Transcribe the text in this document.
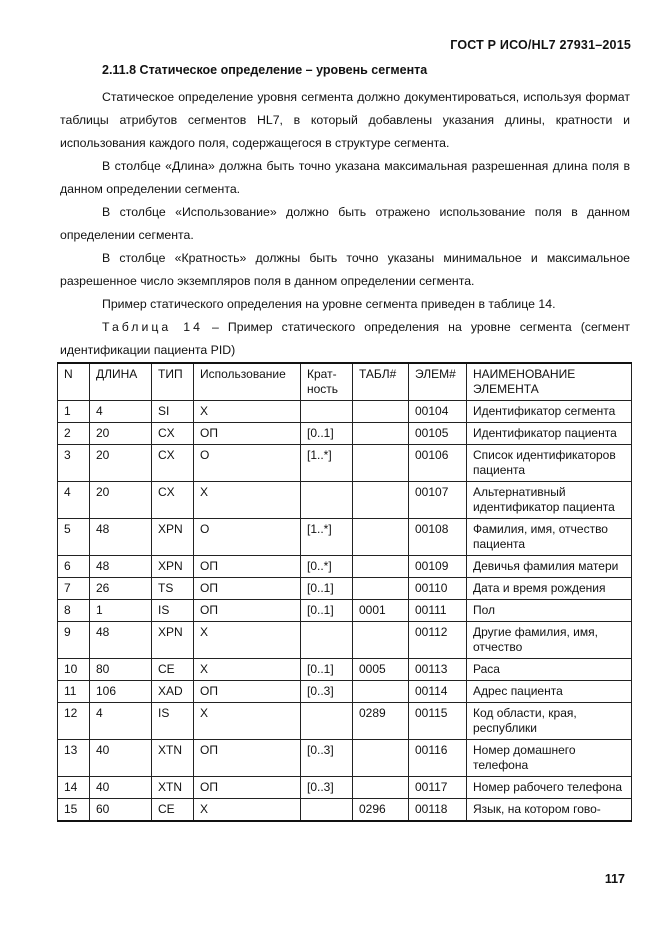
ГОСТ Р ИСО/HL7 27931–2015

2.11.8 Статическое определение – уровень сегмента

Статическое определение уровня сегмента должно документироваться, используя формат таблицы атрибутов сегментов HL7, в который добавлены указания длины, кратности и использования каждого поля, содержащегося в структуре сегмента.

В столбце «Длина» должна быть точно указана максимальная разрешенная длина поля в данном определении сегмента.

В столбце «Использование» должно быть отражено использование поля в данном определении сегмента.

В столбце «Кратность» должны быть точно указаны минимальное и максимальное разрешенное число экземпляров поля в данном определении сегмента.

Пример статического определения на уровне сегмента приведен в таблице 14.

Таблица 14 – Пример статического определения на уровне сегмента (сегмент идентификации пациента PID)

N	ДЛИНА	ТИП	Использование	Крат-ность	ТАБЛ#	ЭЛЕМ#	НАИМЕНОВАНИЕ ЭЛЕМЕНТА
1	4	SI	X			00104	Идентификатор сегмента
2	20	CX	ОП	[0..1]		00105	Идентификатор пациента
3	20	CX	О	[1..*]		00106	Список идентификаторов пациента
4	20	CX	X			00107	Альтернативный идентификатор пациента
5	48	XPN	О	[1..*]		00108	Фамилия, имя, отчество пациента
6	48	XPN	ОП	[0..*]		00109	Девичья фамилия матери
7	26	TS	ОП	[0..1]		00110	Дата и время рождения
8	1	IS	ОП	[0..1]	0001	00111	Пол
9	48	XPN	X			00112	Другие фамилия, имя, отчество
10	80	CE	X	[0..1]	0005	00113	Раса
11	106	XAD	ОП	[0..3]		00114	Адрес пациента
12	4	IS	X		0289	00115	Код области, края, республики
13	40	XTN	ОП	[0..3]		00116	Номер домашнего телефона
14	40	XTN	ОП	[0..3]		00117	Номер рабочего телефона
15	60	CE	X		0296	00118	Язык, на котором гово-
117
